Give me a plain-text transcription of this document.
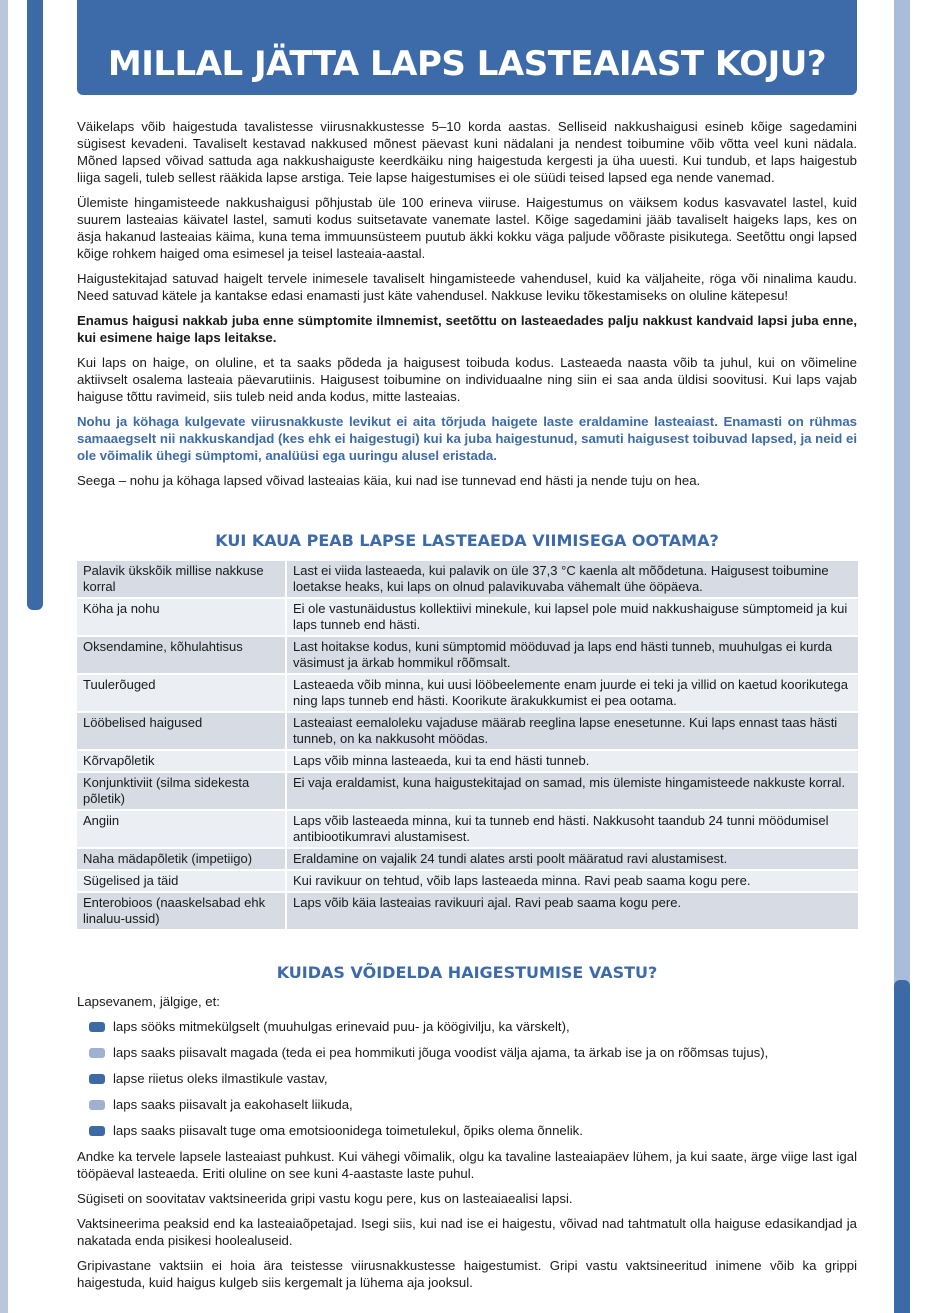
MILLAL JÄTTA LAPS LASTEAIAST KOJU?

Väikelaps võib haigestuda tavalistesse viirusnakkustesse 5–10 korda aastas. Selliseid nakkushaigusi esineb kõige sagedamini sügisest kevadeni. Tavaliselt kestavad nakkused mõnest päevast kuni nädalani ja nendest toibumine võib võtta veel kuni nädala. Mõned lapsed võivad sattuda aga nakkushaiguste keerdkäiku ning haigestuda kergesti ja üha uuesti. Kui tundub, et laps haigestub liiga sageli, tuleb sellest rääkida lapse arstiga. Teie lapse haigestumises ei ole süüdi teised lapsed ega nende vanemad.

Ülemiste hingamisteede nakkushaigusi põhjustab üle 100 erineva viiruse. Haigestumus on väiksem kodus kasvavatel lastel, kuid suurem lasteaias käivatel lastel, samuti kodus suitsetavate vanemate lastel. Kõige sagedamini jääb tavaliselt haigeks laps, kes on äsja hakanud lasteaias käima, kuna tema immuunsüsteem puutub äkki kokku väga paljude võõraste pisikutega. Seetõttu ongi lapsed kõige rohkem haiged oma esimesel ja teisel lasteaia-aastal.

Haigustekitajad satuvad haigelt tervele inimesele tavaliselt hingamisteede vahendusel, kuid ka väljaheite, röga või ninalima kaudu. Need satuvad kätele ja kantakse edasi enamasti just käte vahendusel. Nakkuse leviku tõkestamiseks on oluline kätepesu!

Enamus haigusi nakkab juba enne sümptomite ilmnemist, seetõttu on lasteaedades palju nakkust kandvaid lapsi juba enne, kui esimene haige laps leitakse.

Kui laps on haige, on oluline, et ta saaks põdeda ja haigusest toibuda kodus. Lasteaeda naasta võib ta juhul, kui on võimeline aktiivselt osalema lasteaia päevarutiinis. Haigusest toibumine on individuaalne ning siin ei saa anda üldisi soovitusi. Kui laps vajab haiguse tõttu ravimeid, siis tuleb neid anda kodus, mitte lasteaias.

Nohu ja köhaga kulgevate viirusnakkuste levikut ei aita tõrjuda haigete laste eraldamine lasteaiast. Enamasti on rühmas samaaegselt nii nakkuskandjad (kes ehk ei haigestugi) kui ka juba haigestunud, samuti haigusest toibuvad lapsed, ja neid ei ole võimalik ühegi sümptomi, analüüsi ega uuringu alusel eristada.

Seega – nohu ja köhaga lapsed võivad lasteaias käia, kui nad ise tunnevad end hästi ja nende tuju on hea.

KUI KAUA PEAB LAPSE LASTEAEDA VIIMISEGA OOTAMA?
Palavik ükskõik millise nakkuse korral	Last ei viida lasteaeda, kui palavik on üle 37,3 °C kaenla alt mõõdetuna. Haigusest toibumine loetakse heaks, kui laps on olnud palavikuvaba vähemalt ühe ööpäeva.
Köha ja nohu	Ei ole vastunäidustus kollektiivi minekule, kui lapsel pole muid nakkushaiguse sümptomeid ja kui laps tunneb end hästi.
Oksendamine, kõhulahtisus	Last hoitakse kodus, kuni sümptomid mööduvad ja laps end hästi tunneb, muuhulgas ei kurda väsimust ja ärkab hommikul rõõmsalt.
Tuulerõuged	Lasteaeda võib minna, kui uusi lööbeelemente enam juurde ei teki ja villid on kaetud koorikutega ning laps tunneb end hästi. Koorikute ärakukkumist ei pea ootama.
Lööbelised haigused	Lasteaiast eemaloleku vajaduse määrab reeglina lapse enesetunne. Kui laps ennast taas hästi tunneb, on ka nakkusoht möödas.
Kõrvapõletik	Laps võib minna lasteaeda, kui ta end hästi tunneb.
Konjunktiviit (silma sidekesta põletik)	Ei vaja eraldamist, kuna haigustekitajad on samad, mis ülemiste hingamisteede nakkuste korral.
Angiin	Laps võib lasteaeda minna, kui ta tunneb end hästi. Nakkusoht taandub 24 tunni möödumisel antibiootikumravi alustamisest.
Naha mädapõletik (impetiigo)	Eraldamine on vajalik 24 tundi alates arsti poolt määratud ravi alustamisest.
Sügelised ja täid	Kui ravikuur on tehtud, võib laps lasteaeda minna. Ravi peab saama kogu pere.
Enterobioos (naaskelsabad ehk linaluu-ussid)	Laps võib käia lasteaias ravikuuri ajal. Ravi peab saama kogu pere.
KUIDAS VÕIDELDA HAIGESTUMISE VASTU?

Lapsevanem, jälgige, et:

laps sööks mitmekülgselt (muuhulgas erinevaid puu- ja köögivilju, ka värskelt),
laps saaks piisavalt magada (teda ei pea hommikuti jõuga voodist välja ajama, ta ärkab ise ja on rõõmsas tujus),
lapse riietus oleks ilmastikule vastav,
laps saaks piisavalt ja eakohaselt liikuda,
laps saaks piisavalt tuge oma emotsioonidega toimetulekul, õpiks olema õnnelik.

Andke ka tervele lapsele lasteaiast puhkust. Kui vähegi võimalik, olgu ka tavaline lasteaiapäev lühem, ja kui saate, ärge viige last igal tööpäeval lasteaeda. Eriti oluline on see kuni 4-aastaste laste puhul.

Sügiseti on soovitatav vaktsineerida gripi vastu kogu pere, kus on lasteaiaealisi lapsi.

Vaktsineerima peaksid end ka lasteaiaõpetajad. Isegi siis, kui nad ise ei haigestu, võivad nad tahtmatult olla haiguse edasikandjad ja nakatada enda pisikesi hoolealuseid.

Gripivastane vaktsiin ei hoia ära teistesse viirusnakkustesse haigestumist. Gripi vastu vaktsineeritud inimene võib ka grippi haigestuda, kuid haigus kulgeb siis kergemalt ja lühema aja jooksul.
